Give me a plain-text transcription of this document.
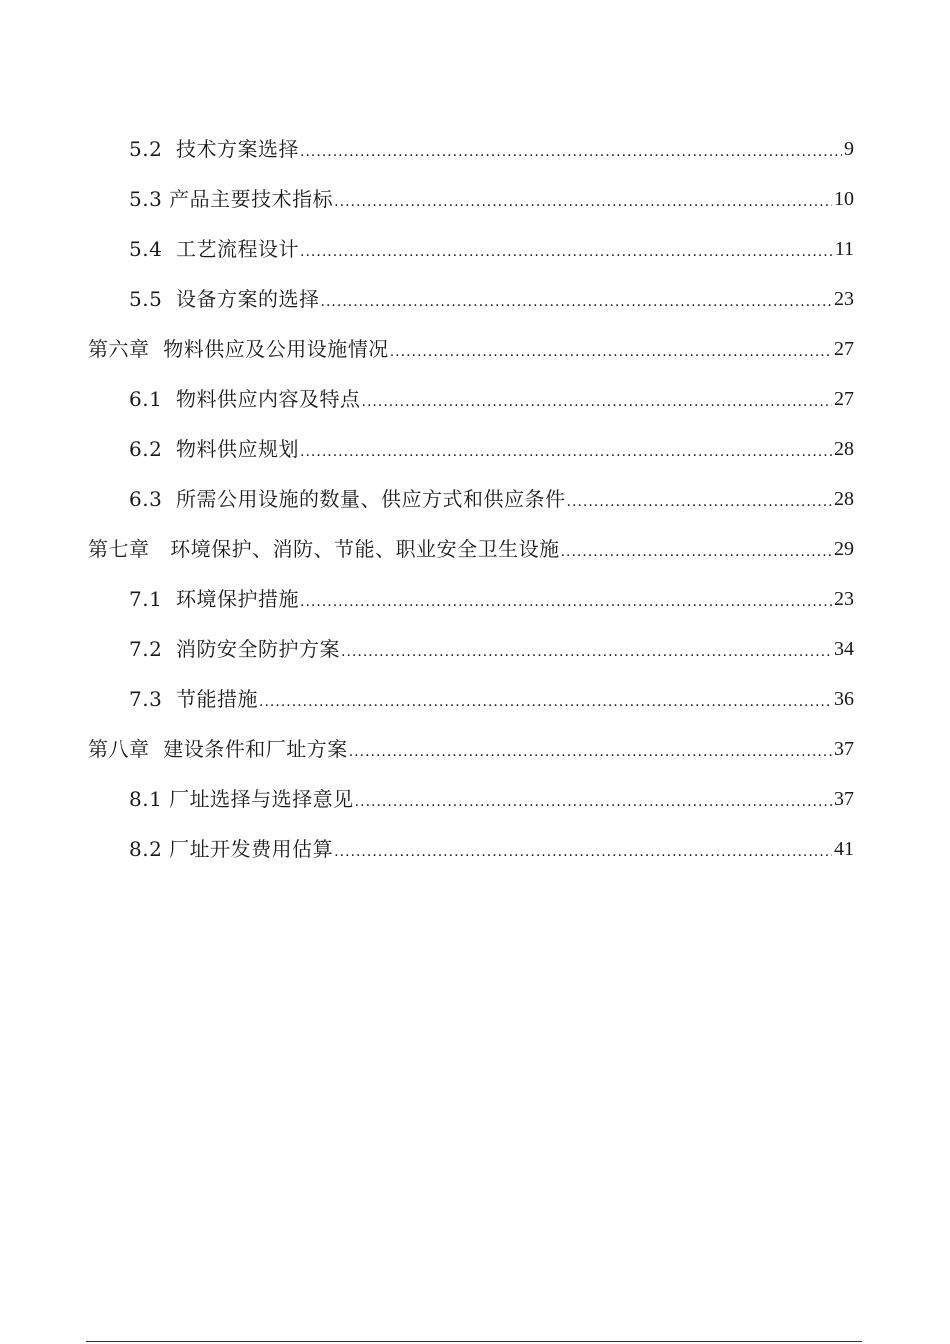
5.2  技术方案选择 .....	9
5.3 产品主要技术指标 .....	10
5.4  工艺流程设计 .....	11
5.5  设备方案的选择 .....	23
第六章  物料供应及公用设施情况 .....	27
6.1  物料供应内容及特点 .....	27
6.2  物料供应规划 .....	28
6.3  所需公用设施的数量、供应方式和供应条件 .....	28
第七章   环境保护、消防、节能、职业安全卫生设施 .....	29
7.1  环境保护措施 .....	23
7.2  消防安全防护方案 .....	34
7.3  节能措施 .....	36
第八章  建设条件和厂址方案 .....	37
8.1 厂址选择与选择意见 .....	37
8.2 厂址开发费用估算 .....	41
